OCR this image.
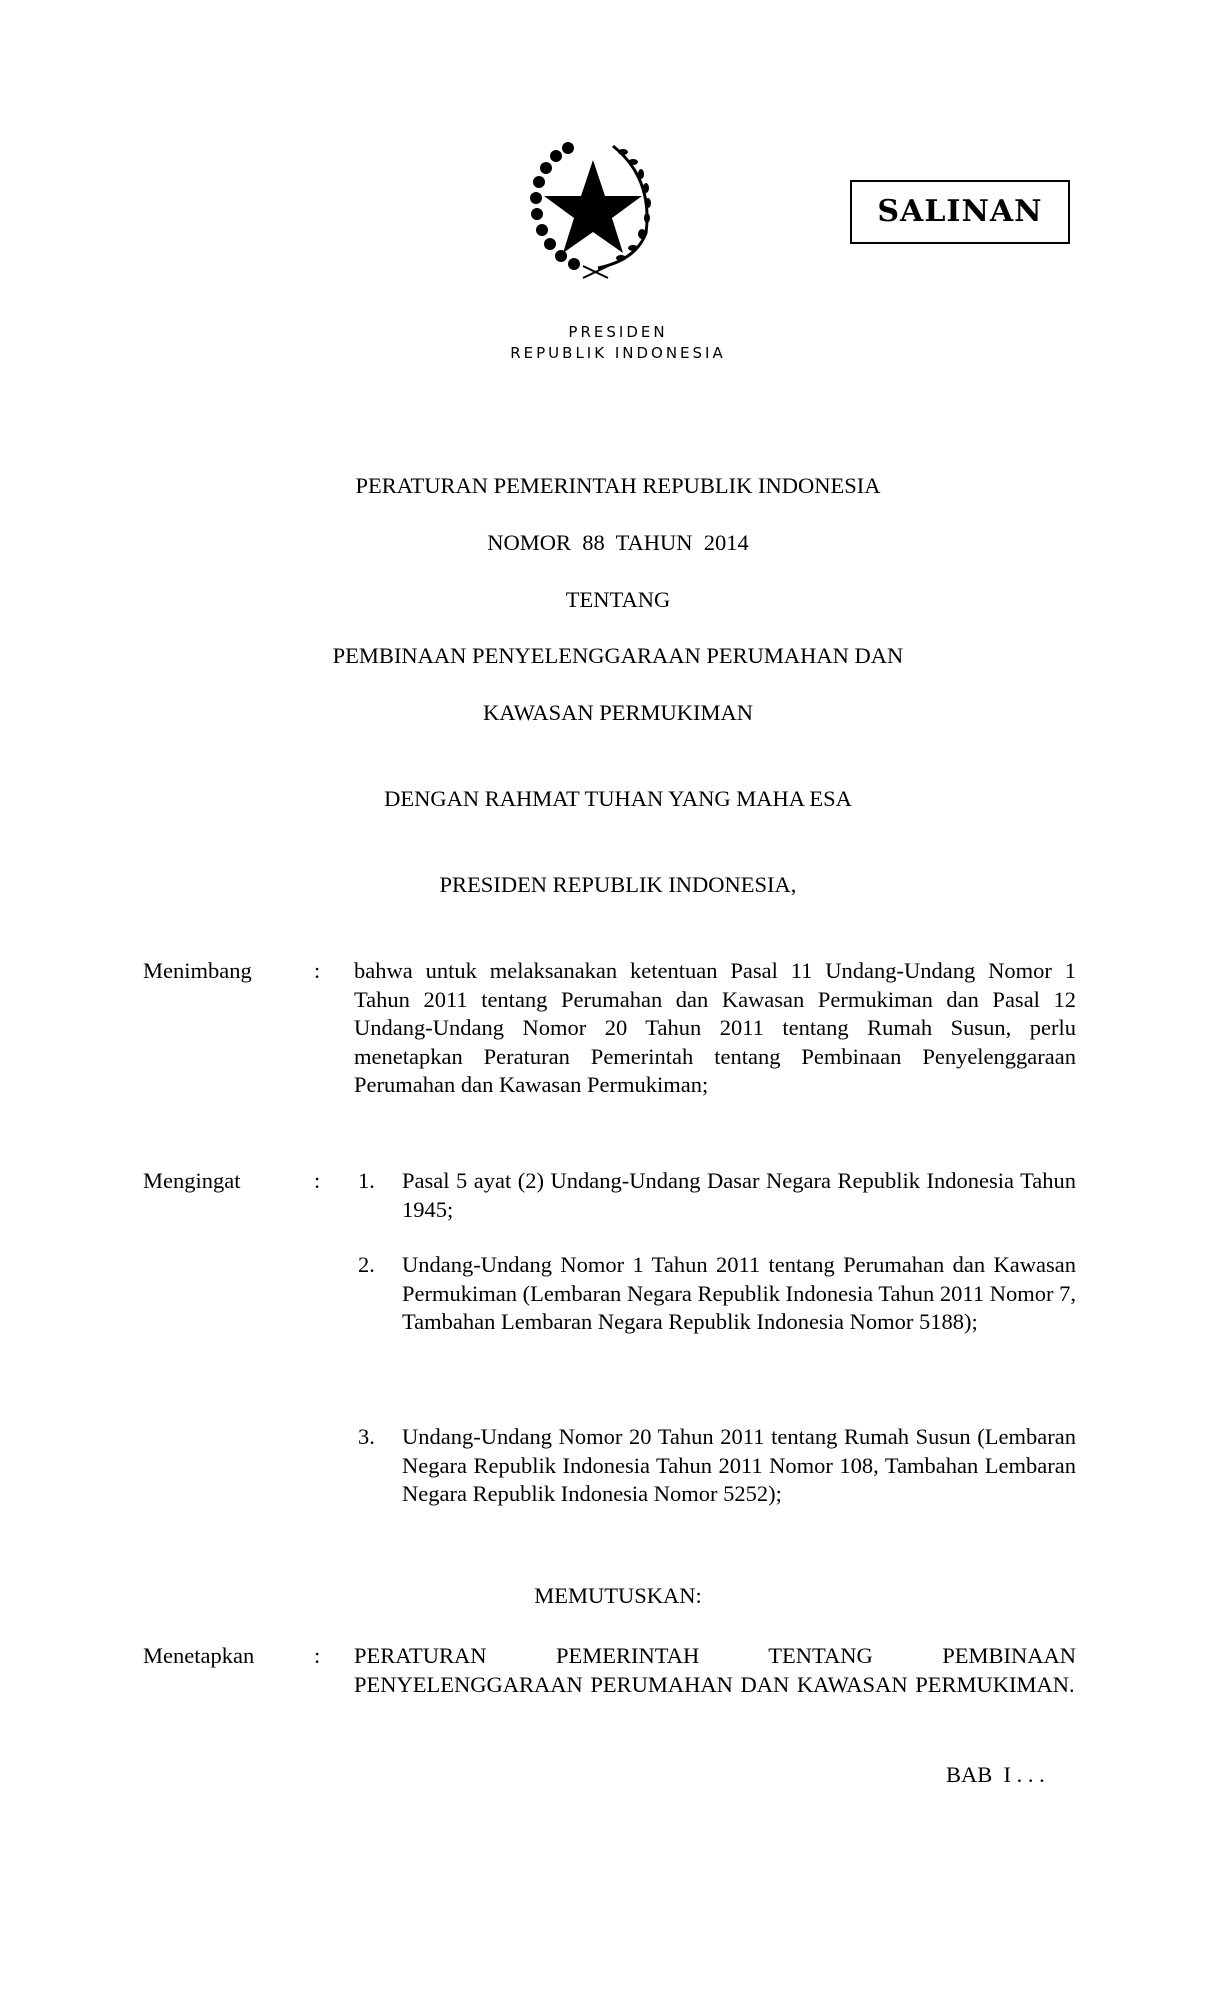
SALINAN
PRESIDEN
REPUBLIK INDONESIA
PERATURAN PEMERINTAH REPUBLIK INDONESIA
NOMOR  88  TAHUN  2014
TENTANG
PEMBINAAN PENYELENGGARAAN PERUMAHAN DAN
KAWASAN PERMUKIMAN
DENGAN RAHMAT TUHAN YANG MAHA ESA
PRESIDEN REPUBLIK INDONESIA,
Menimbang	: bahwa untuk melaksanakan ketentuan Pasal 11 Undang-Undang Nomor 1 Tahun 2011 tentang Perumahan dan Kawasan Permukiman dan Pasal 12 Undang-Undang Nomor 20 Tahun 2011 tentang Rumah Susun, perlu menetapkan Peraturan Pemerintah tentang Pembinaan Penyelenggaraan Perumahan dan Kawasan Permukiman;

Mengingat	: 1. Pasal 5 ayat (2) Undang-Undang Dasar Negara Republik Indonesia Tahun 1945;

2. Undang-Undang Nomor 1 Tahun 2011 tentang Perumahan dan Kawasan Permukiman (Lembaran Negara Republik Indonesia Tahun 2011 Nomor 7, Tambahan Lembaran Negara Republik Indonesia Nomor 5188);

3. Undang-Undang Nomor 20 Tahun 2011 tentang Rumah Susun (Lembaran Negara Republik Indonesia Tahun 2011 Nomor 108, Tambahan Lembaran Negara Republik Indonesia Nomor 5252);

MEMUTUSKAN:
Menetapkan	: PERATURAN PEMERINTAH TENTANG PEMBINAAN PENYELENGGARAAN PERUMAHAN DAN KAWASAN PERMUKIMAN.

BAB  I . . .
